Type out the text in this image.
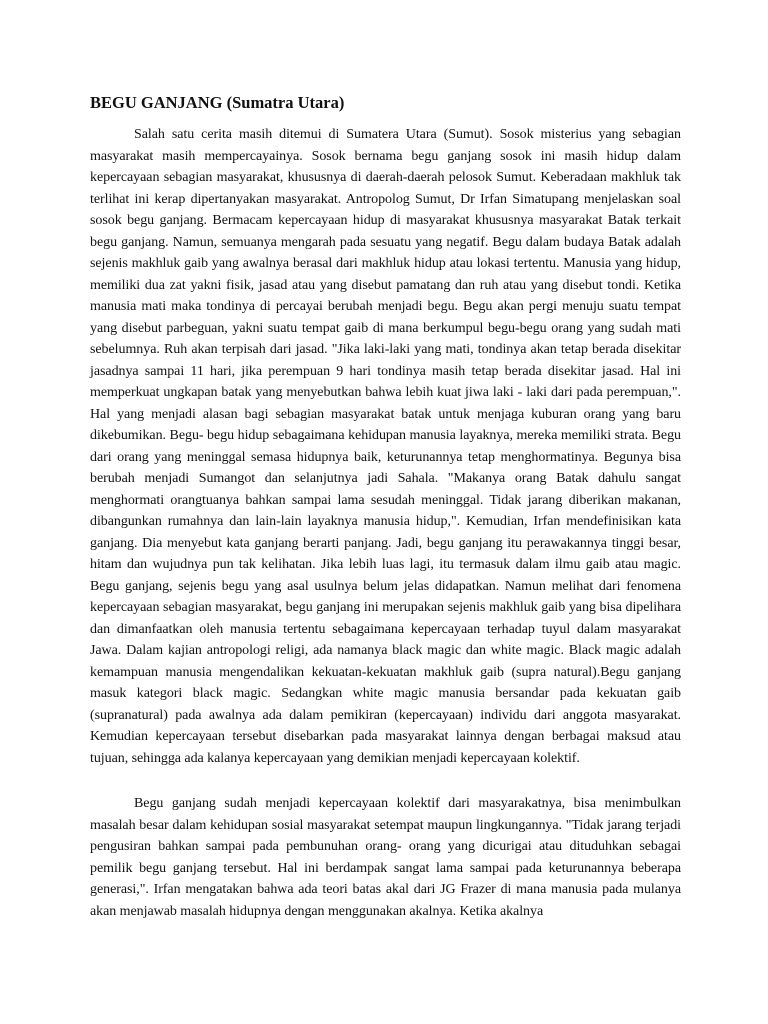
BEGU GANJANG (Sumatra Utara)

Salah satu cerita masih ditemui di Sumatera Utara (Sumut). Sosok misterius yang sebagian masyarakat masih mempercayainya. Sosok bernama begu ganjang sosok ini masih hidup dalam kepercayaan sebagian masyarakat, khususnya di daerah-daerah pelosok Sumut. Keberadaan makhluk tak terlihat ini kerap dipertanyakan masyarakat. Antropolog Sumut, Dr Irfan Simatupang menjelaskan soal sosok begu ganjang. Bermacam kepercayaan hidup di masyarakat khususnya masyarakat Batak terkait begu ganjang. Namun, semuanya mengarah pada sesuatu yang negatif. Begu dalam budaya Batak adalah sejenis makhluk gaib yang awalnya berasal dari makhluk hidup atau lokasi tertentu. Manusia yang hidup, memiliki dua zat yakni fisik, jasad atau yang disebut pamatang dan ruh atau yang disebut tondi. Ketika manusia mati maka tondinya di percayai berubah menjadi begu. Begu akan pergi menuju suatu tempat yang disebut parbeguan, yakni suatu tempat gaib di mana berkumpul begu-begu orang yang sudah mati sebelumnya. Ruh akan terpisah dari jasad. "Jika laki-laki yang mati, tondinya akan tetap berada disekitar jasadnya sampai 11 hari, jika perempuan 9 hari tondinya masih tetap berada disekitar jasad. Hal ini memperkuat ungkapan batak yang menyebutkan bahwa lebih kuat jiwa laki - laki dari pada perempuan,". Hal yang menjadi alasan bagi sebagian masyarakat batak untuk menjaga kuburan orang yang baru dikebumikan. Begu- begu hidup sebagaimana kehidupan manusia layaknya, mereka memiliki strata. Begu dari orang yang meninggal semasa hidupnya baik, keturunannya tetap menghormatinya. Begunya bisa berubah menjadi Sumangot dan selanjutnya jadi Sahala. "Makanya orang Batak dahulu sangat menghormati orangtuanya bahkan sampai lama sesudah meninggal. Tidak jarang diberikan makanan, dibangunkan rumahnya dan lain-lain layaknya manusia hidup,". Kemudian, Irfan mendefinisikan kata ganjang. Dia menyebut kata ganjang berarti panjang. Jadi, begu ganjang itu perawakannya tinggi besar, hitam dan wujudnya pun tak kelihatan. Jika lebih luas lagi, itu termasuk dalam ilmu gaib atau magic. Begu ganjang, sejenis begu yang asal usulnya belum jelas didapatkan. Namun melihat dari fenomena kepercayaan sebagian masyarakat, begu ganjang ini merupakan sejenis makhluk gaib yang bisa dipelihara dan dimanfaatkan oleh manusia tertentu sebagaimana kepercayaan terhadap tuyul dalam masyarakat Jawa. Dalam kajian antropologi religi, ada namanya black magic dan white magic. Black magic adalah kemampuan manusia mengendalikan kekuatan-kekuatan makhluk gaib (supra natural).Begu ganjang masuk kategori black magic. Sedangkan white magic manusia bersandar pada kekuatan gaib (supranatural) pada awalnya ada dalam pemikiran (kepercayaan) individu dari anggota masyarakat. Kemudian kepercayaan tersebut disebarkan pada masyarakat lainnya dengan berbagai maksud atau tujuan, sehingga ada kalanya kepercayaan yang demikian menjadi kepercayaan kolektif.

Begu ganjang sudah menjadi kepercayaan kolektif dari masyarakatnya, bisa menimbulkan masalah besar dalam kehidupan sosial masyarakat setempat maupun lingkungannya. "Tidak jarang terjadi pengusiran bahkan sampai pada pembunuhan orang- orang yang dicurigai atau dituduhkan sebagai pemilik begu ganjang tersebut. Hal ini berdampak sangat lama sampai pada keturunannya beberapa generasi,". Irfan mengatakan bahwa ada teori batas akal dari JG Frazer di mana manusia pada mulanya akan menjawab masalah hidupnya dengan menggunakan akalnya. Ketika akalnya
